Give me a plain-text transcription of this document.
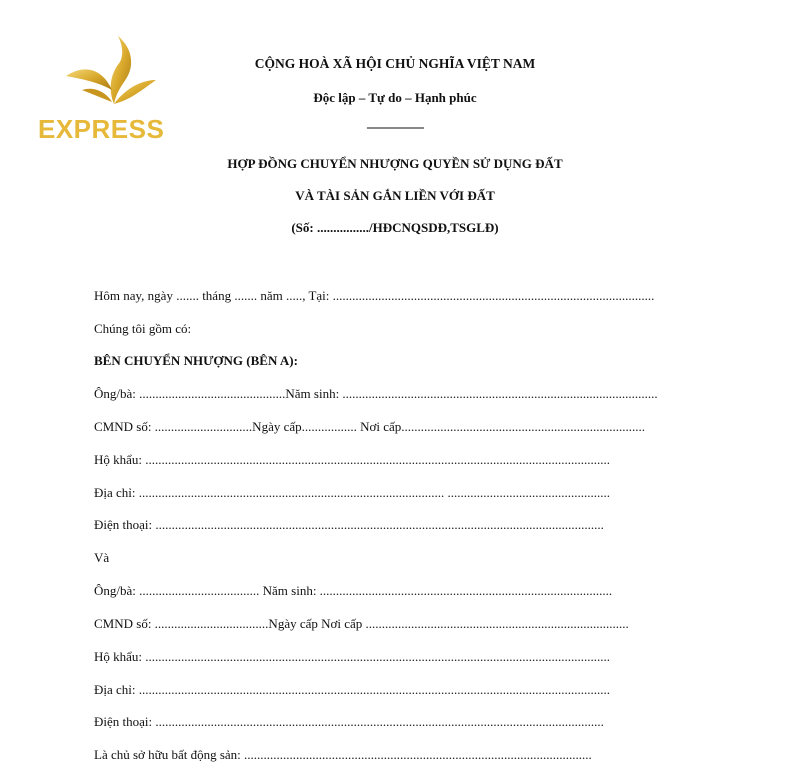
EXPRESS
CỘNG HOÀ XÃ HỘI CHỦ NGHĨA VIỆT NAM
Độc lập – Tự do – Hạnh phúc
-------------------
HỢP ĐỒNG CHUYỂN NHƯỢNG QUYỀN SỬ DỤNG ĐẤT
VÀ TÀI SẢN GẮN LIỀN VỚI ĐẤT
(Số: ................/HĐCNQSDĐ,TSGLĐ)
Hôm nay, ngày ....... tháng ....... năm ....., Tại: ...................................................................................................
Chúng tôi gồm có:
BÊN CHUYỂN NHƯỢNG (BÊN A):
Ông/bà: .............................................Năm sinh: .................................................................................................
CMND số: ..............................Ngày cấp................. Nơi cấp...........................................................................
Hộ khẩu: ...............................................................................................................................................
Địa chỉ: .............................................................................................. ..................................................
Điện thoại: ..........................................................................................................................................
Và
Ông/bà: ..................................... Năm sinh: ..........................................................................................
CMND số: ...................................Ngày cấp Nơi cấp .................................................................................
Hộ khẩu: ...............................................................................................................................................
Địa chỉ: .................................................................................................................................................
Điện thoại: ..........................................................................................................................................
Là chủ sở hữu bất động sản: ...........................................................................................................
